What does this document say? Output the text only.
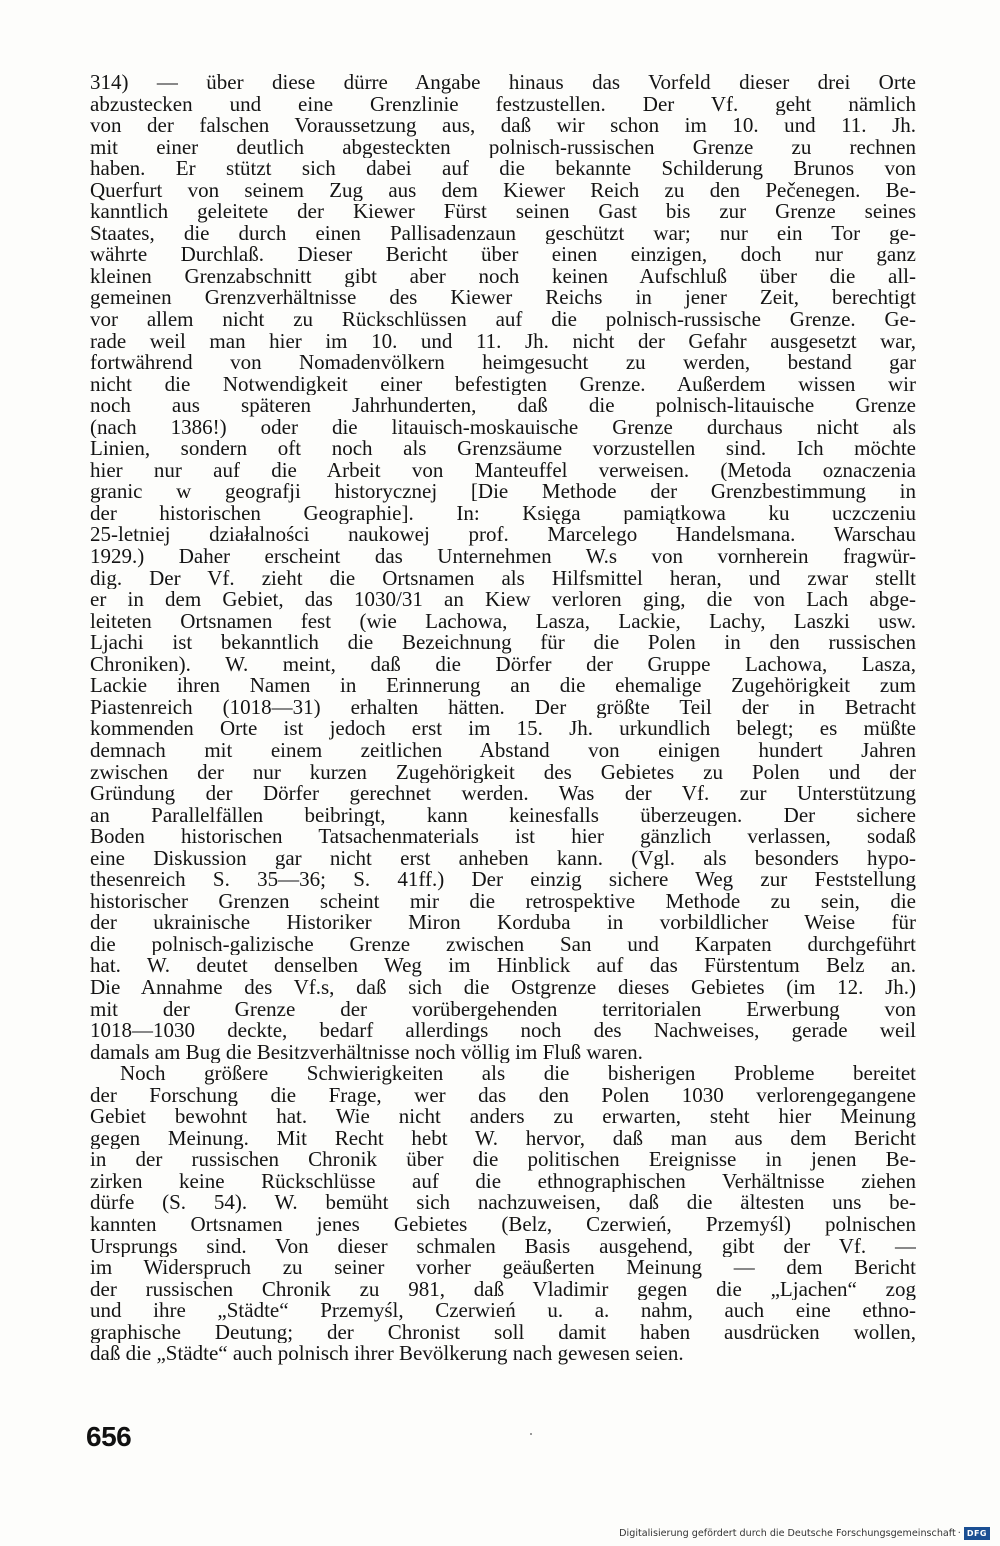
314) — über diese dürre Angabe hinaus das Vorfeld dieser drei Orte
abzustecken und eine Grenzlinie festzustellen. Der Vf. geht nämlich
von der falschen Voraussetzung aus, daß wir schon im 10. und 11. Jh.
mit einer deutlich abgesteckten polnisch-russischen Grenze zu rechnen
haben. Er stützt sich dabei auf die bekannte Schilderung Brunos von
Querfurt von seinem Zug aus dem Kiewer Reich zu den Pečenegen. Be-
kanntlich geleitete der Kiewer Fürst seinen Gast bis zur Grenze seines
Staates, die durch einen Pallisadenzaun geschützt war; nur ein Tor ge-
währte Durchlaß. Dieser Bericht über einen einzigen, doch nur ganz
kleinen Grenzabschnitt gibt aber noch keinen Aufschluß über die all-
gemeinen Grenzverhältnisse des Kiewer Reichs in jener Zeit, berechtigt
vor allem nicht zu Rückschlüssen auf die polnisch-russische Grenze. Ge-
rade weil man hier im 10. und 11. Jh. nicht der Gefahr ausgesetzt war,
fortwährend von Nomadenvölkern heimgesucht zu werden, bestand gar
nicht die Notwendigkeit einer befestigten Grenze. Außerdem wissen wir
noch aus späteren Jahrhunderten, daß die polnisch-litauische Grenze
(nach 1386!) oder die litauisch-moskauische Grenze durchaus nicht als
Linien, sondern oft noch als Grenzsäume vorzustellen sind. Ich möchte
hier nur auf die Arbeit von Manteuffel verweisen. (Metoda oznaczenia
granic w geografji historycznej [Die Methode der Grenzbestimmung in
der historischen Geographie]. In: Księga pamiątkowa ku uczczeniu
25-letniej działalności naukowej prof. Marcelego Handelsmana. Warschau
1929.) Daher erscheint das Unternehmen W.s von vornherein fragwür-
dig. Der Vf. zieht die Ortsnamen als Hilfsmittel heran, und zwar stellt
er in dem Gebiet, das 1030/31 an Kiew verloren ging, die von Lach abge-
leiteten Ortsnamen fest (wie Lachowa, Lasza, Lackie, Lachy, Laszki usw.
Ljachi ist bekanntlich die Bezeichnung für die Polen in den russischen
Chroniken). W. meint, daß die Dörfer der Gruppe Lachowa, Lasza,
Lackie ihren Namen in Erinnerung an die ehemalige Zugehörigkeit zum
Piastenreich (1018—31) erhalten hätten. Der größte Teil der in Betracht
kommenden Orte ist jedoch erst im 15. Jh. urkundlich belegt; es müßte
demnach mit einem zeitlichen Abstand von einigen hundert Jahren
zwischen der nur kurzen Zugehörigkeit des Gebietes zu Polen und der
Gründung der Dörfer gerechnet werden. Was der Vf. zur Unterstützung
an Parallelfällen beibringt, kann keinesfalls überzeugen. Der sichere
Boden historischen Tatsachenmaterials ist hier gänzlich verlassen, sodaß
eine Diskussion gar nicht erst anheben kann. (Vgl. als besonders hypo-
thesenreich S. 35—36; S. 41ff.) Der einzig sichere Weg zur Feststellung
historischer Grenzen scheint mir die retrospektive Methode zu sein, die
der ukrainische Historiker Miron Korduba in vorbildlicher Weise für
die polnisch-galizische Grenze zwischen San und Karpaten durchgeführt
hat. W. deutet denselben Weg im Hinblick auf das Fürstentum Belz an.
Die Annahme des Vf.s, daß sich die Ostgrenze dieses Gebietes (im 12. Jh.)
mit der Grenze der vorübergehenden territorialen Erwerbung von
1018—1030 deckte, bedarf allerdings noch des Nachweises, gerade weil
damals am Bug die Besitzverhältnisse noch völlig im Fluß waren.
Noch größere Schwierigkeiten als die bisherigen Probleme bereitet
der Forschung die Frage, wer das den Polen 1030 verlorengegangene
Gebiet bewohnt hat. Wie nicht anders zu erwarten, steht hier Meinung
gegen Meinung. Mit Recht hebt W. hervor, daß man aus dem Bericht
in der russischen Chronik über die politischen Ereignisse in jenen Be-
zirken keine Rückschlüsse auf die ethnographischen Verhältnisse ziehen
dürfe (S. 54). W. bemüht sich nachzuweisen, daß die ältesten uns be-
kannten Ortsnamen jenes Gebietes (Belz, Czerwień, Przemyśl) polnischen
Ursprungs sind. Von dieser schmalen Basis ausgehend, gibt der Vf. —
im Widerspruch zu seiner vorher geäußerten Meinung — dem Bericht
der russischen Chronik zu 981, daß Vladimir gegen die „Ljachen“ zog
und ihre „Städte“ Przemyśl, Czerwień u. a. nahm, auch eine ethno-
graphische Deutung; der Chronist soll damit haben ausdrücken wollen,
daß die „Städte“ auch polnisch ihrer Bevölkerung nach gewesen seien.
656
Digitalisierung gefördert durch die Deutsche Forschungsgemeinschaft · DFG
